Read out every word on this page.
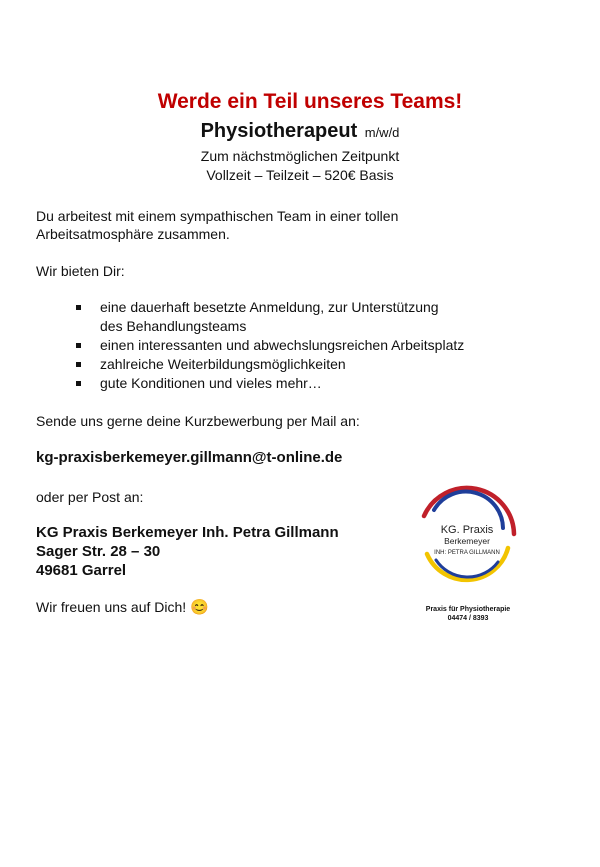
Werde ein Teil unseres Teams!
Physiotherapeut m/w/d
Zum nächstmöglichen Zeitpunkt
Vollzeit – Teilzeit – 520€ Basis
Du arbeitest mit einem sympathischen Team in einer tollen Arbeitsatmosphäre zusammen.
Wir bieten Dir:
eine dauerhaft besetzte Anmeldung, zur Unterstützung
des Behandlungsteams
einen interessanten und abwechslungsreichen Arbeitsplatz
zahlreiche Weiterbildungsmöglichkeiten
gute Konditionen und vieles mehr…
Sende uns gerne deine Kurzbewerbung per Mail an:
kg-praxisberkemeyer.gillmann@t-online.de
oder per Post an:
KG Praxis Berkemeyer Inh. Petra Gillmann
Sager Str. 28 – 30
49681 Garrel
Wir freuen uns auf Dich! 😊
KG. Praxis
Berkemeyer
INH: PETRA GILLMANN
Praxis für Physiotherapie
04474 / 8393
